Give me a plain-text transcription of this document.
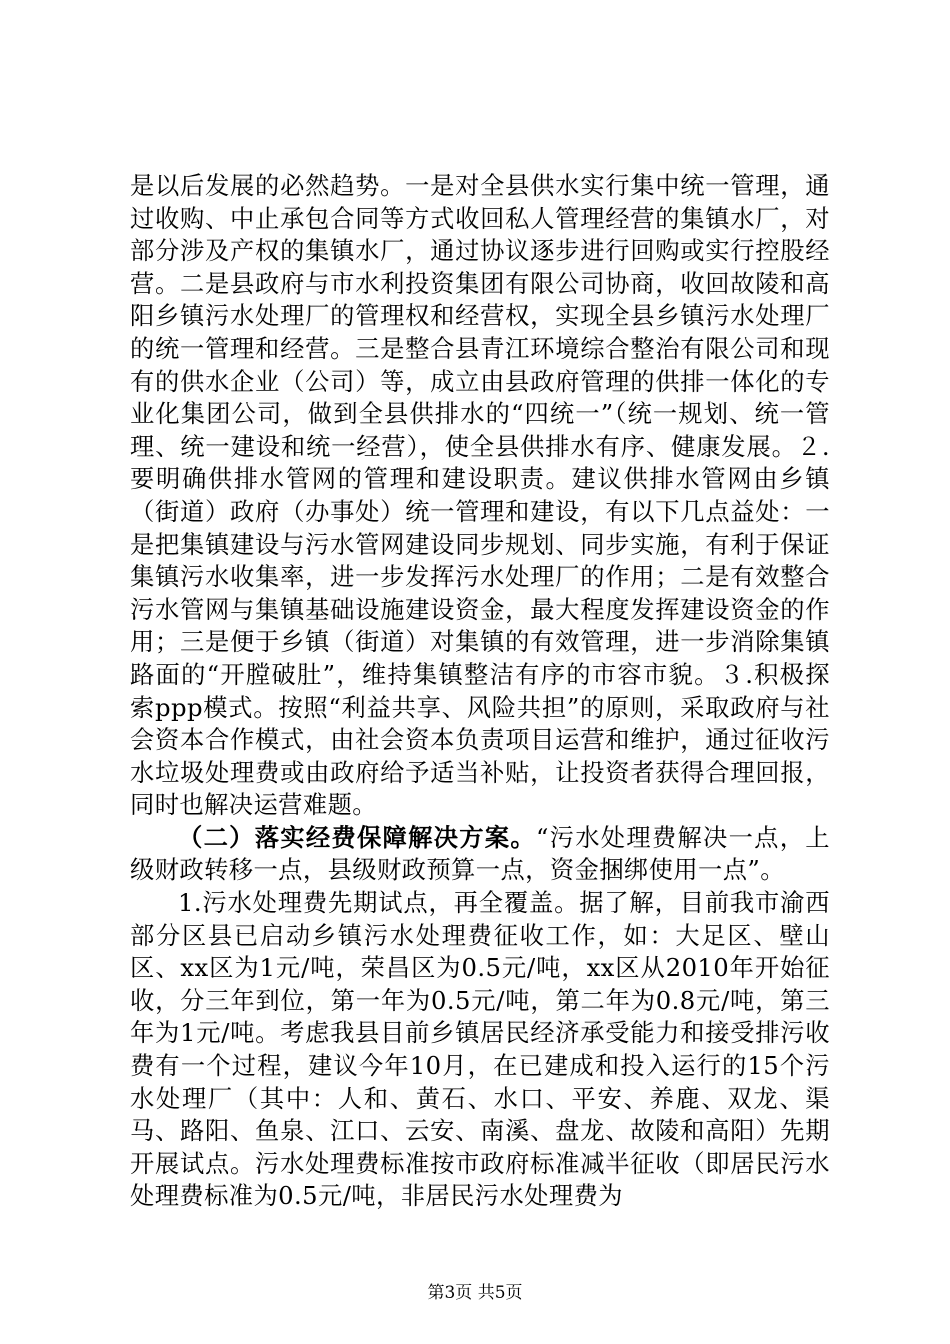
是以后发展的必然趋势。一是对全县供水实行集中统一管理，通过收购、中止承包合同等方式收回私人管理经营的集镇水厂，对部分涉及产权的集镇水厂，通过协议逐步进行回购或实行控股经营。二是县政府与市水利投资集团有限公司协商，收回故陵和高阳乡镇污水处理厂的管理权和经营权，实现全县乡镇污水处理厂的统一管理和经营。三是整合县青江环境综合整治有限公司和现有的供水企业（公司）等，成立由县政府管理的供排一体化的专业化集团公司，做到全县供排水的“四统一”（统一规划、统一管理、统一建设和统一经营），使全县供排水有序、健康发展。２.要明确供排水管网的管理和建设职责。建议供排水管网由乡镇（街道）政府（办事处）统一管理和建设，有以下几点益处：一是把集镇建设与污水管网建设同步规划、同步实施，有利于保证集镇污水收集率，进一步发挥污水处理厂的作用；二是有效整合污水管网与集镇基础设施建设资金，最大程度发挥建设资金的作用；三是便于乡镇（街道）对集镇的有效管理，进一步消除集镇路面的“开膛破肚”，维持集镇整洁有序的市容市貌。３.积极探索ppp模式。按照“利益共享、风险共担”的原则，采取政府与社会资本合作模式，由社会资本负责项目运营和维护，通过征收污水垃圾处理费或由政府给予适当补贴，让投资者获得合理回报，同时也解决运营难题。

（二）落实经费保障解决方案。“污水处理费解决一点，上级财政转移一点，县级财政预算一点，资金捆绑使用一点”。

1.污水处理费先期试点，再全覆盖。据了解，目前我市渝西部分区县已启动乡镇污水处理费征收工作，如：大足区、壁山区、xx区为1元/吨，荣昌区为0.5元/吨，xx区从2010年开始征收，分三年到位，第一年为0.5元/吨，第二年为0.8元/吨，第三年为1元/吨。考虑我县目前乡镇居民经济承受能力和接受排污收费有一个过程，建议今年10月，在已建成和投入运行的15个污水处理厂（其中：人和、黄石、水口、平安、养鹿、双龙、渠马、路阳、鱼泉、江口、云安、南溪、盘龙、故陵和高阳）先期开展试点。污水处理费标准按市政府标准减半征收（即居民污水处理费标准为0.5元/吨，非居民污水处理费为

第3页 共5页
